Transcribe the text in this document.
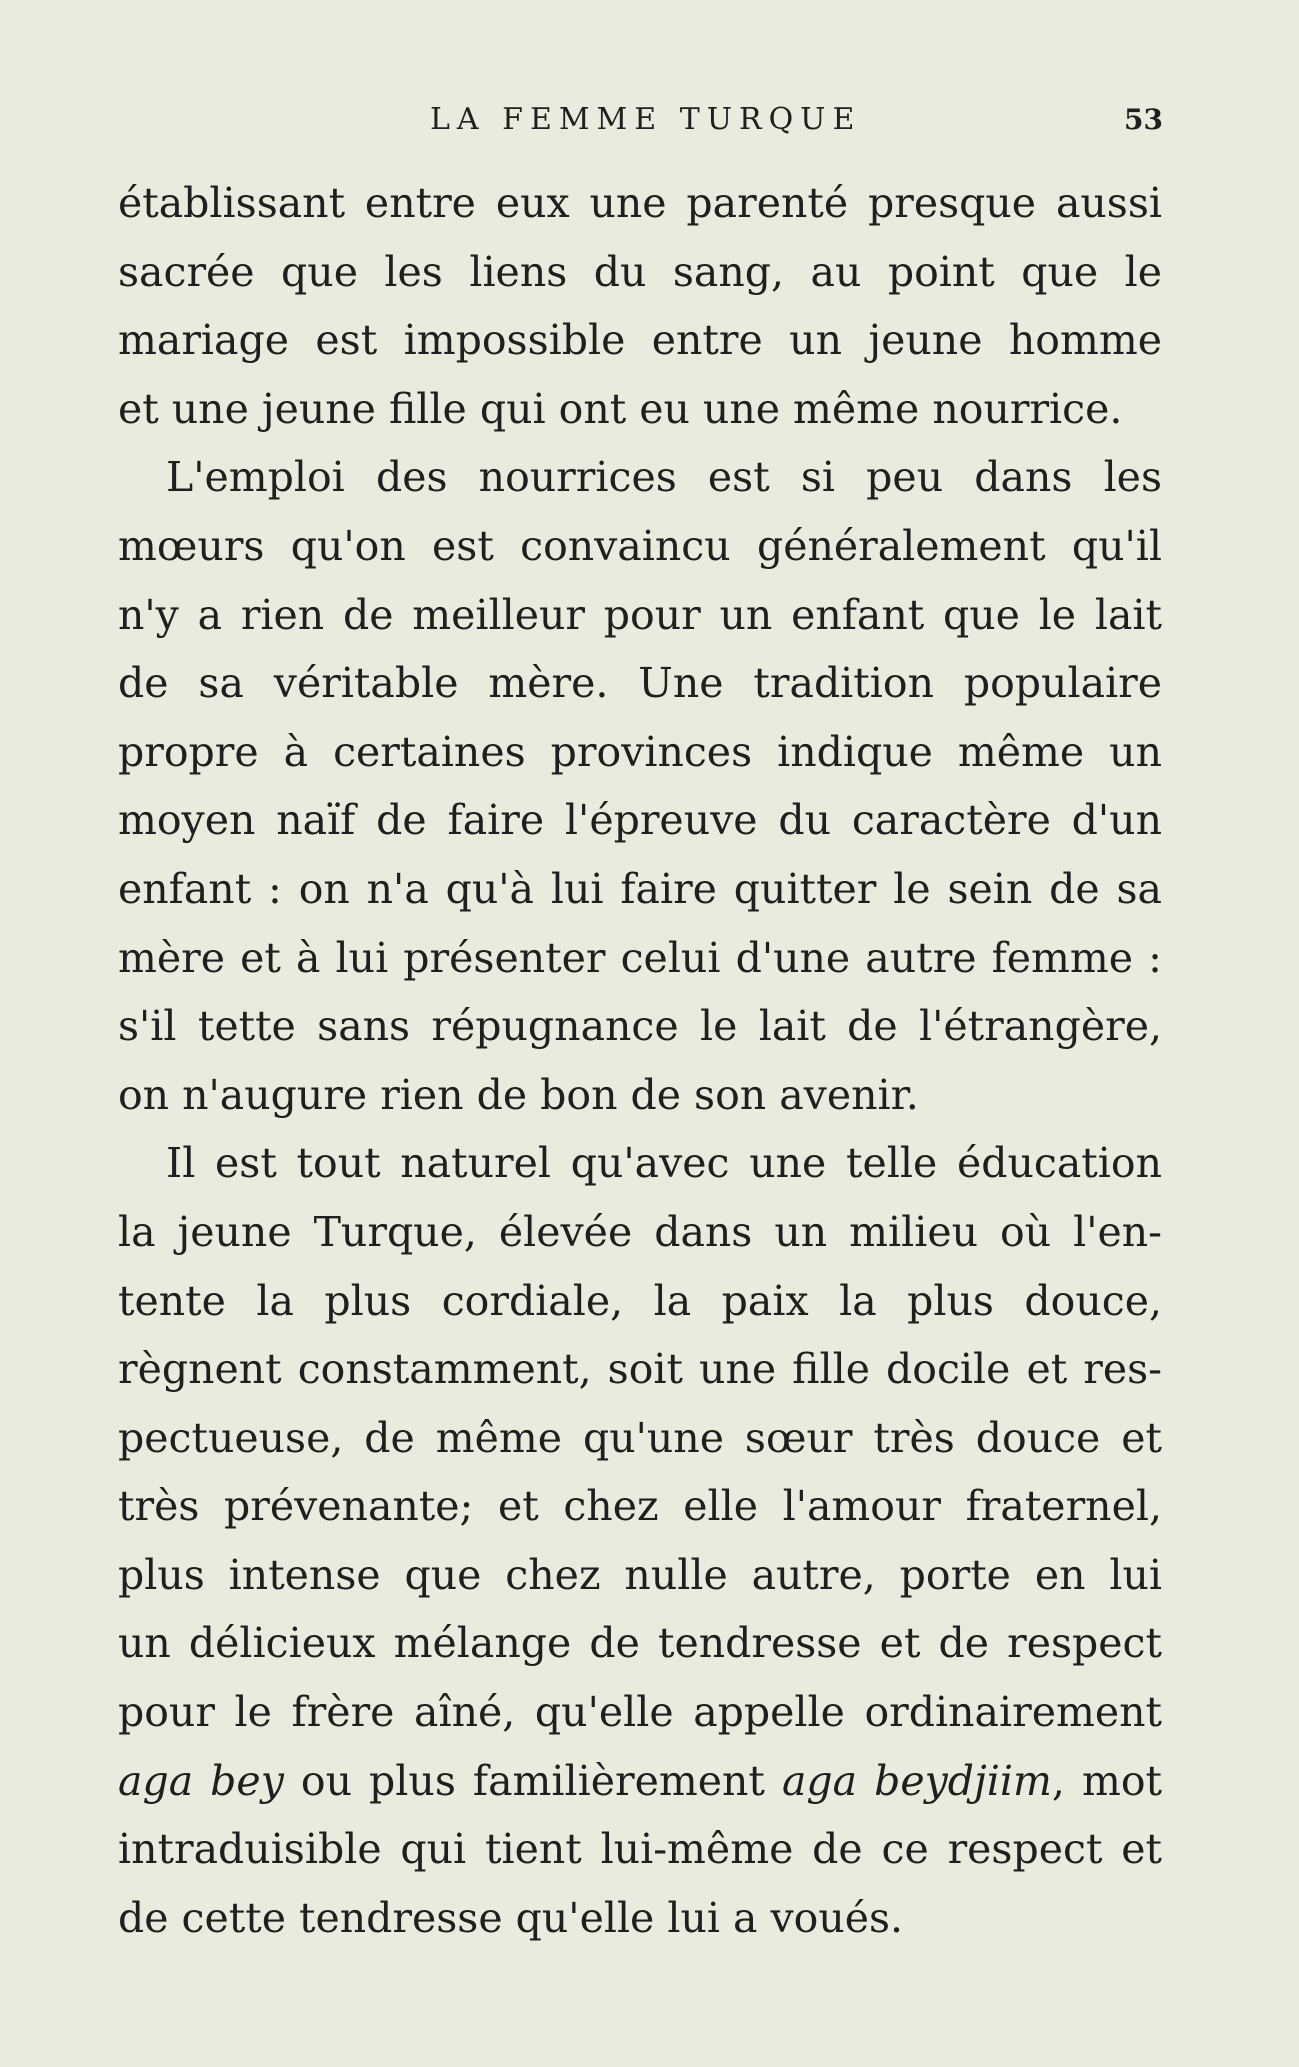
LA FEMME TURQUE	53
établissant entre eux une parenté presque aussi
sacrée que les liens du sang, au point que le
mariage est impossible entre un jeune homme
et une jeune fille qui ont eu une même nourrice.
L'emploi des nourrices est si peu dans les
mœurs qu'on est convaincu généralement qu'il
n'y a rien de meilleur pour un enfant que le lait
de sa véritable mère. Une tradition populaire
propre à certaines provinces indique même un
moyen naïf de faire l'épreuve du caractère d'un
enfant : on n'a qu'à lui faire quitter le sein de sa
mère et à lui présenter celui d'une autre femme :
s'il tette sans répugnance le lait de l'étrangère,
on n'augure rien de bon de son avenir.
Il est tout naturel qu'avec une telle éducation
la jeune Turque, élevée dans un milieu où l'en-
tente la plus cordiale, la paix la plus douce,
règnent constamment, soit une fille docile et res-
pectueuse, de même qu'une sœur très douce et
très prévenante; et chez elle l'amour fraternel,
plus intense que chez nulle autre, porte en lui
un délicieux mélange de tendresse et de respect
pour le frère aîné, qu'elle appelle ordinairement
aga bey ou plus familièrement aga beydjiim, mot
intraduisible qui tient lui-même de ce respect et
de cette tendresse qu'elle lui a voués.
